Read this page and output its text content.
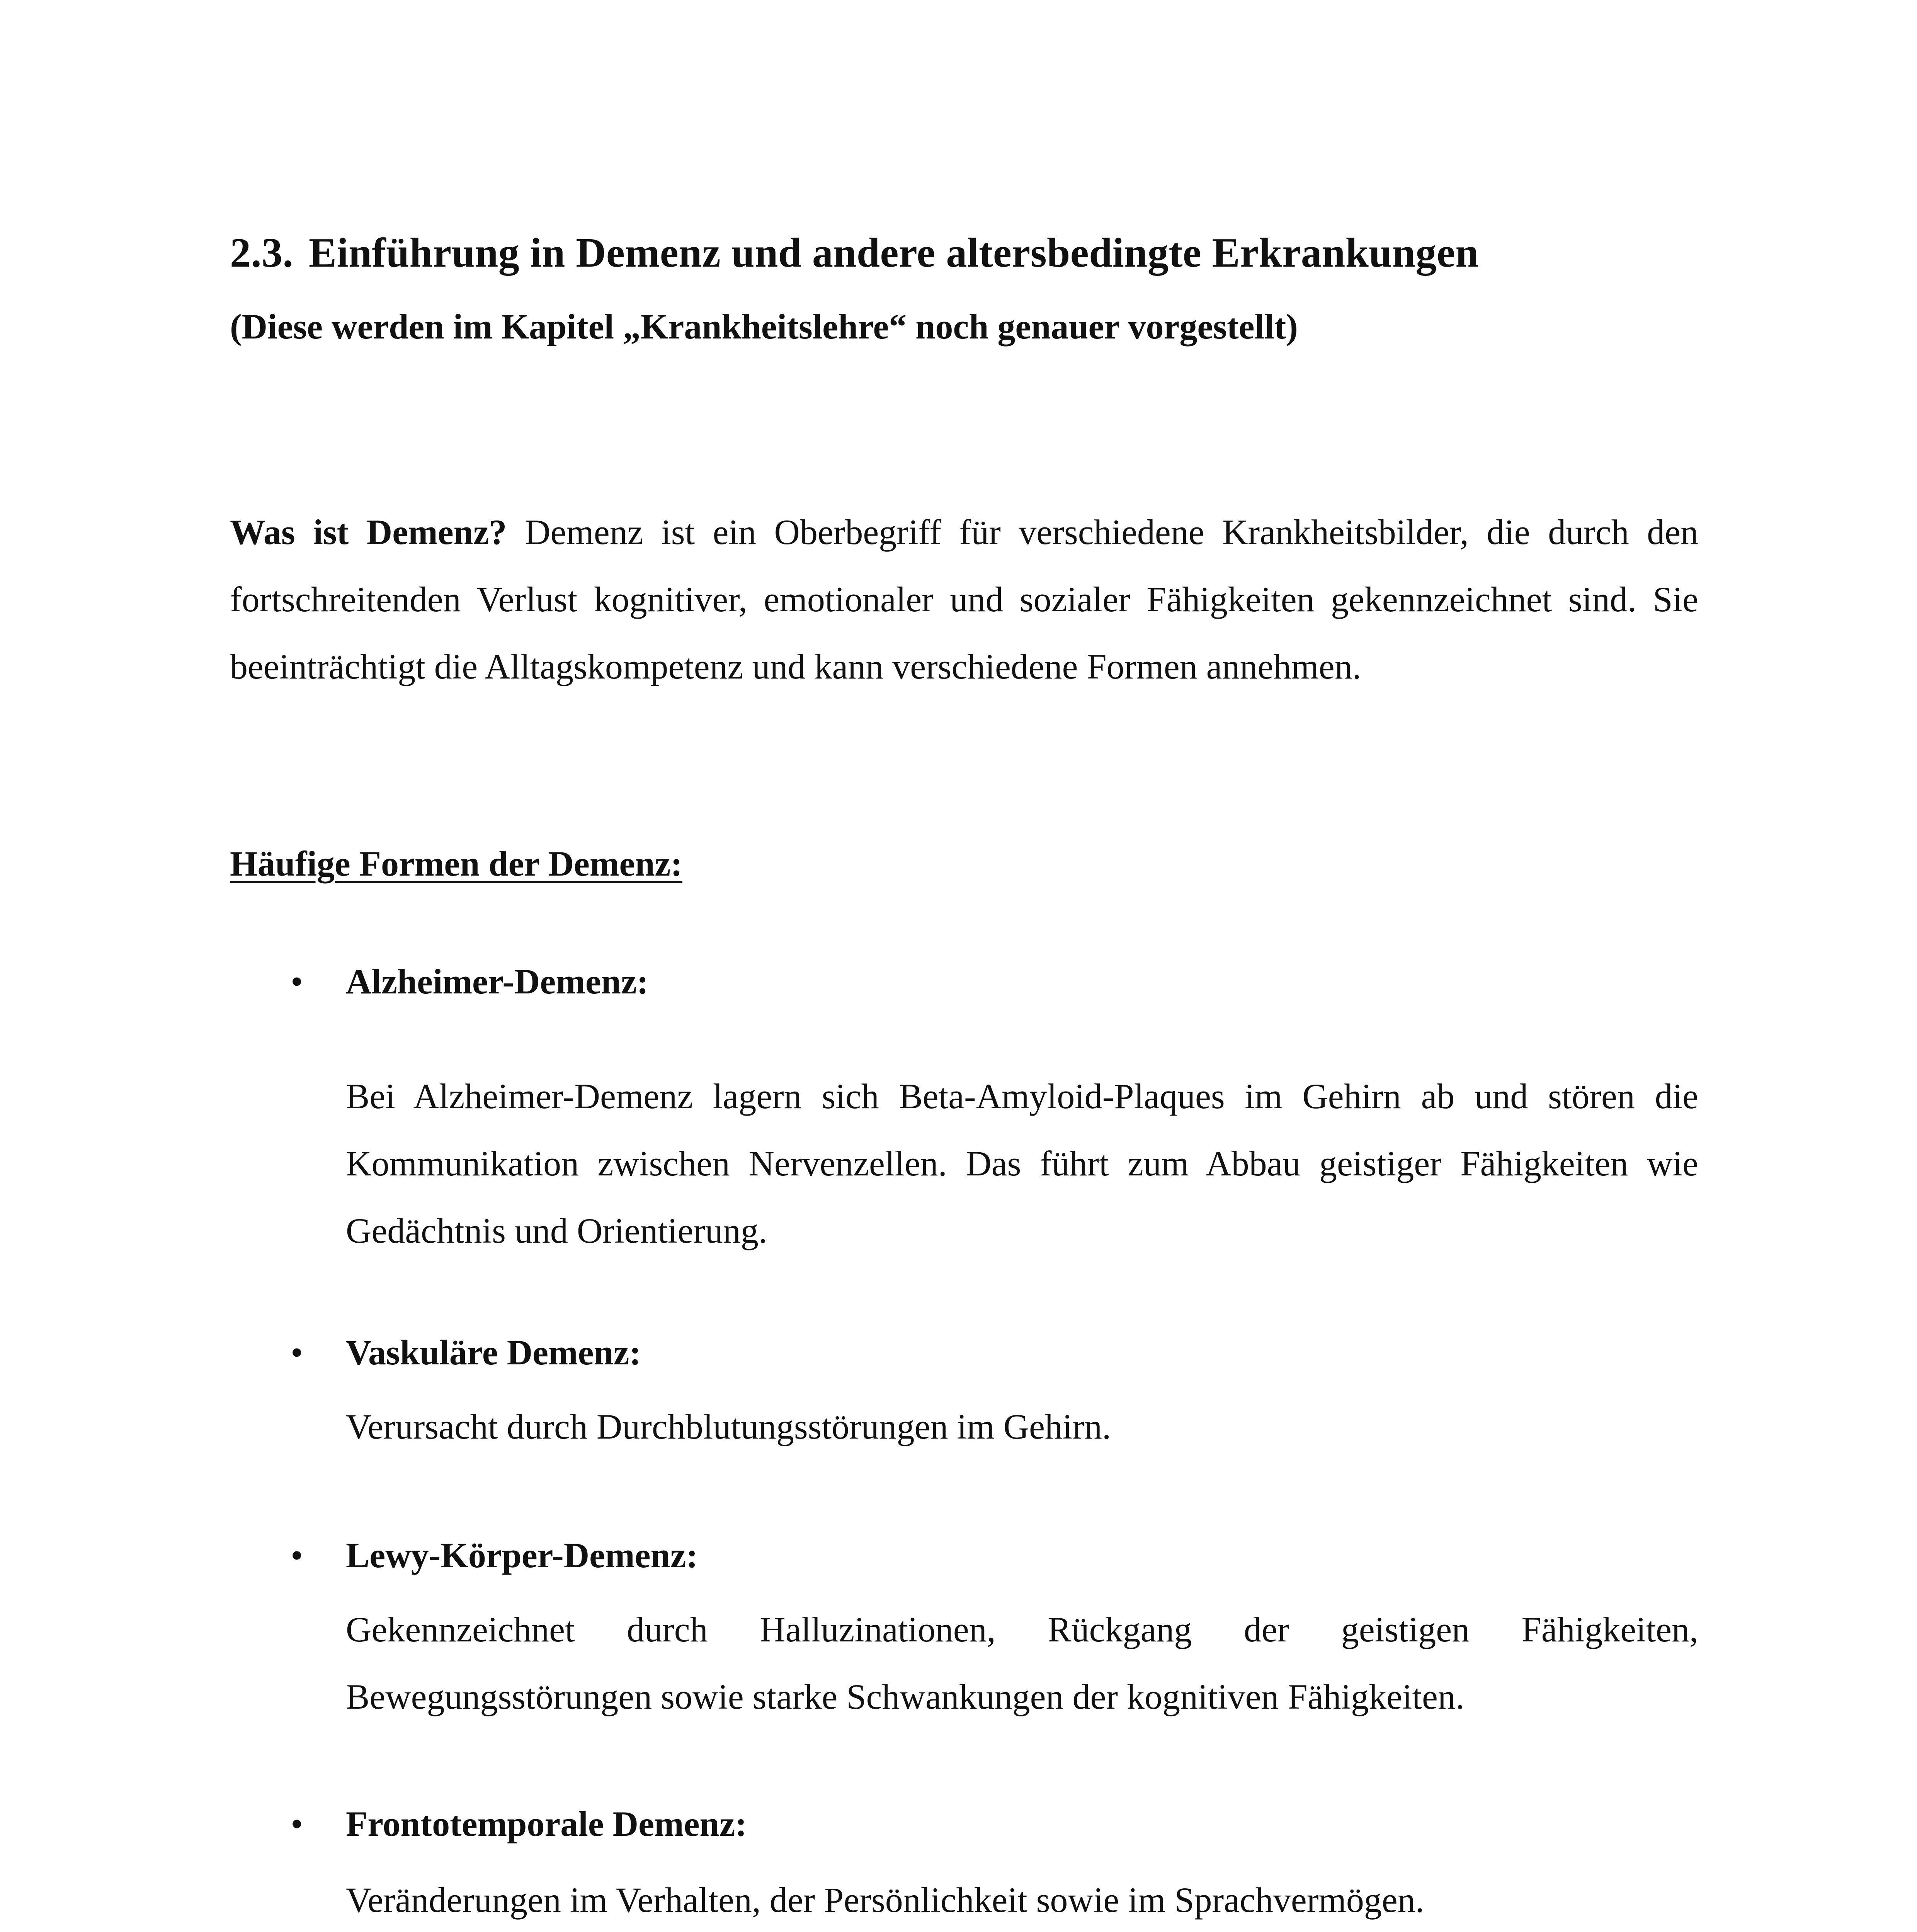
2.3. Einführung in Demenz und andere altersbedingte Erkrankungen
(Diese werden im Kapitel „Krankheitslehre“ noch genauer vorgestellt)

Was ist Demenz? Demenz ist ein Oberbegriff für verschiedene Krankheitsbilder, die durch den fortschreitenden Verlust kognitiver, emotionaler und sozialer Fähigkeiten gekennzeichnet sind. Sie beeinträchtigt die Alltagskompetenz und kann verschiedene Formen annehmen.

Häufige Formen der Demenz:
• Alzheimer-Demenz:

Bei Alzheimer-Demenz lagern sich Beta-Amyloid-Plaques im Gehirn ab und stören die Kommunikation zwischen Nervenzellen. Das führt zum Abbau geistiger Fähigkeiten wie Gedächtnis und Orientierung.

• Vaskuläre Demenz:

Verursacht durch Durchblutungsstörungen im Gehirn.

• Lewy-Körper-Demenz:

Gekennzeichnet durch Halluzinationen, Rückgang der geistigen Fähigkeiten, Bewegungsstörungen sowie starke Schwankungen der kognitiven Fähigkeiten.

• Frontotemporale Demenz:

Veränderungen im Verhalten, der Persönlichkeit sowie im Sprachvermögen.
